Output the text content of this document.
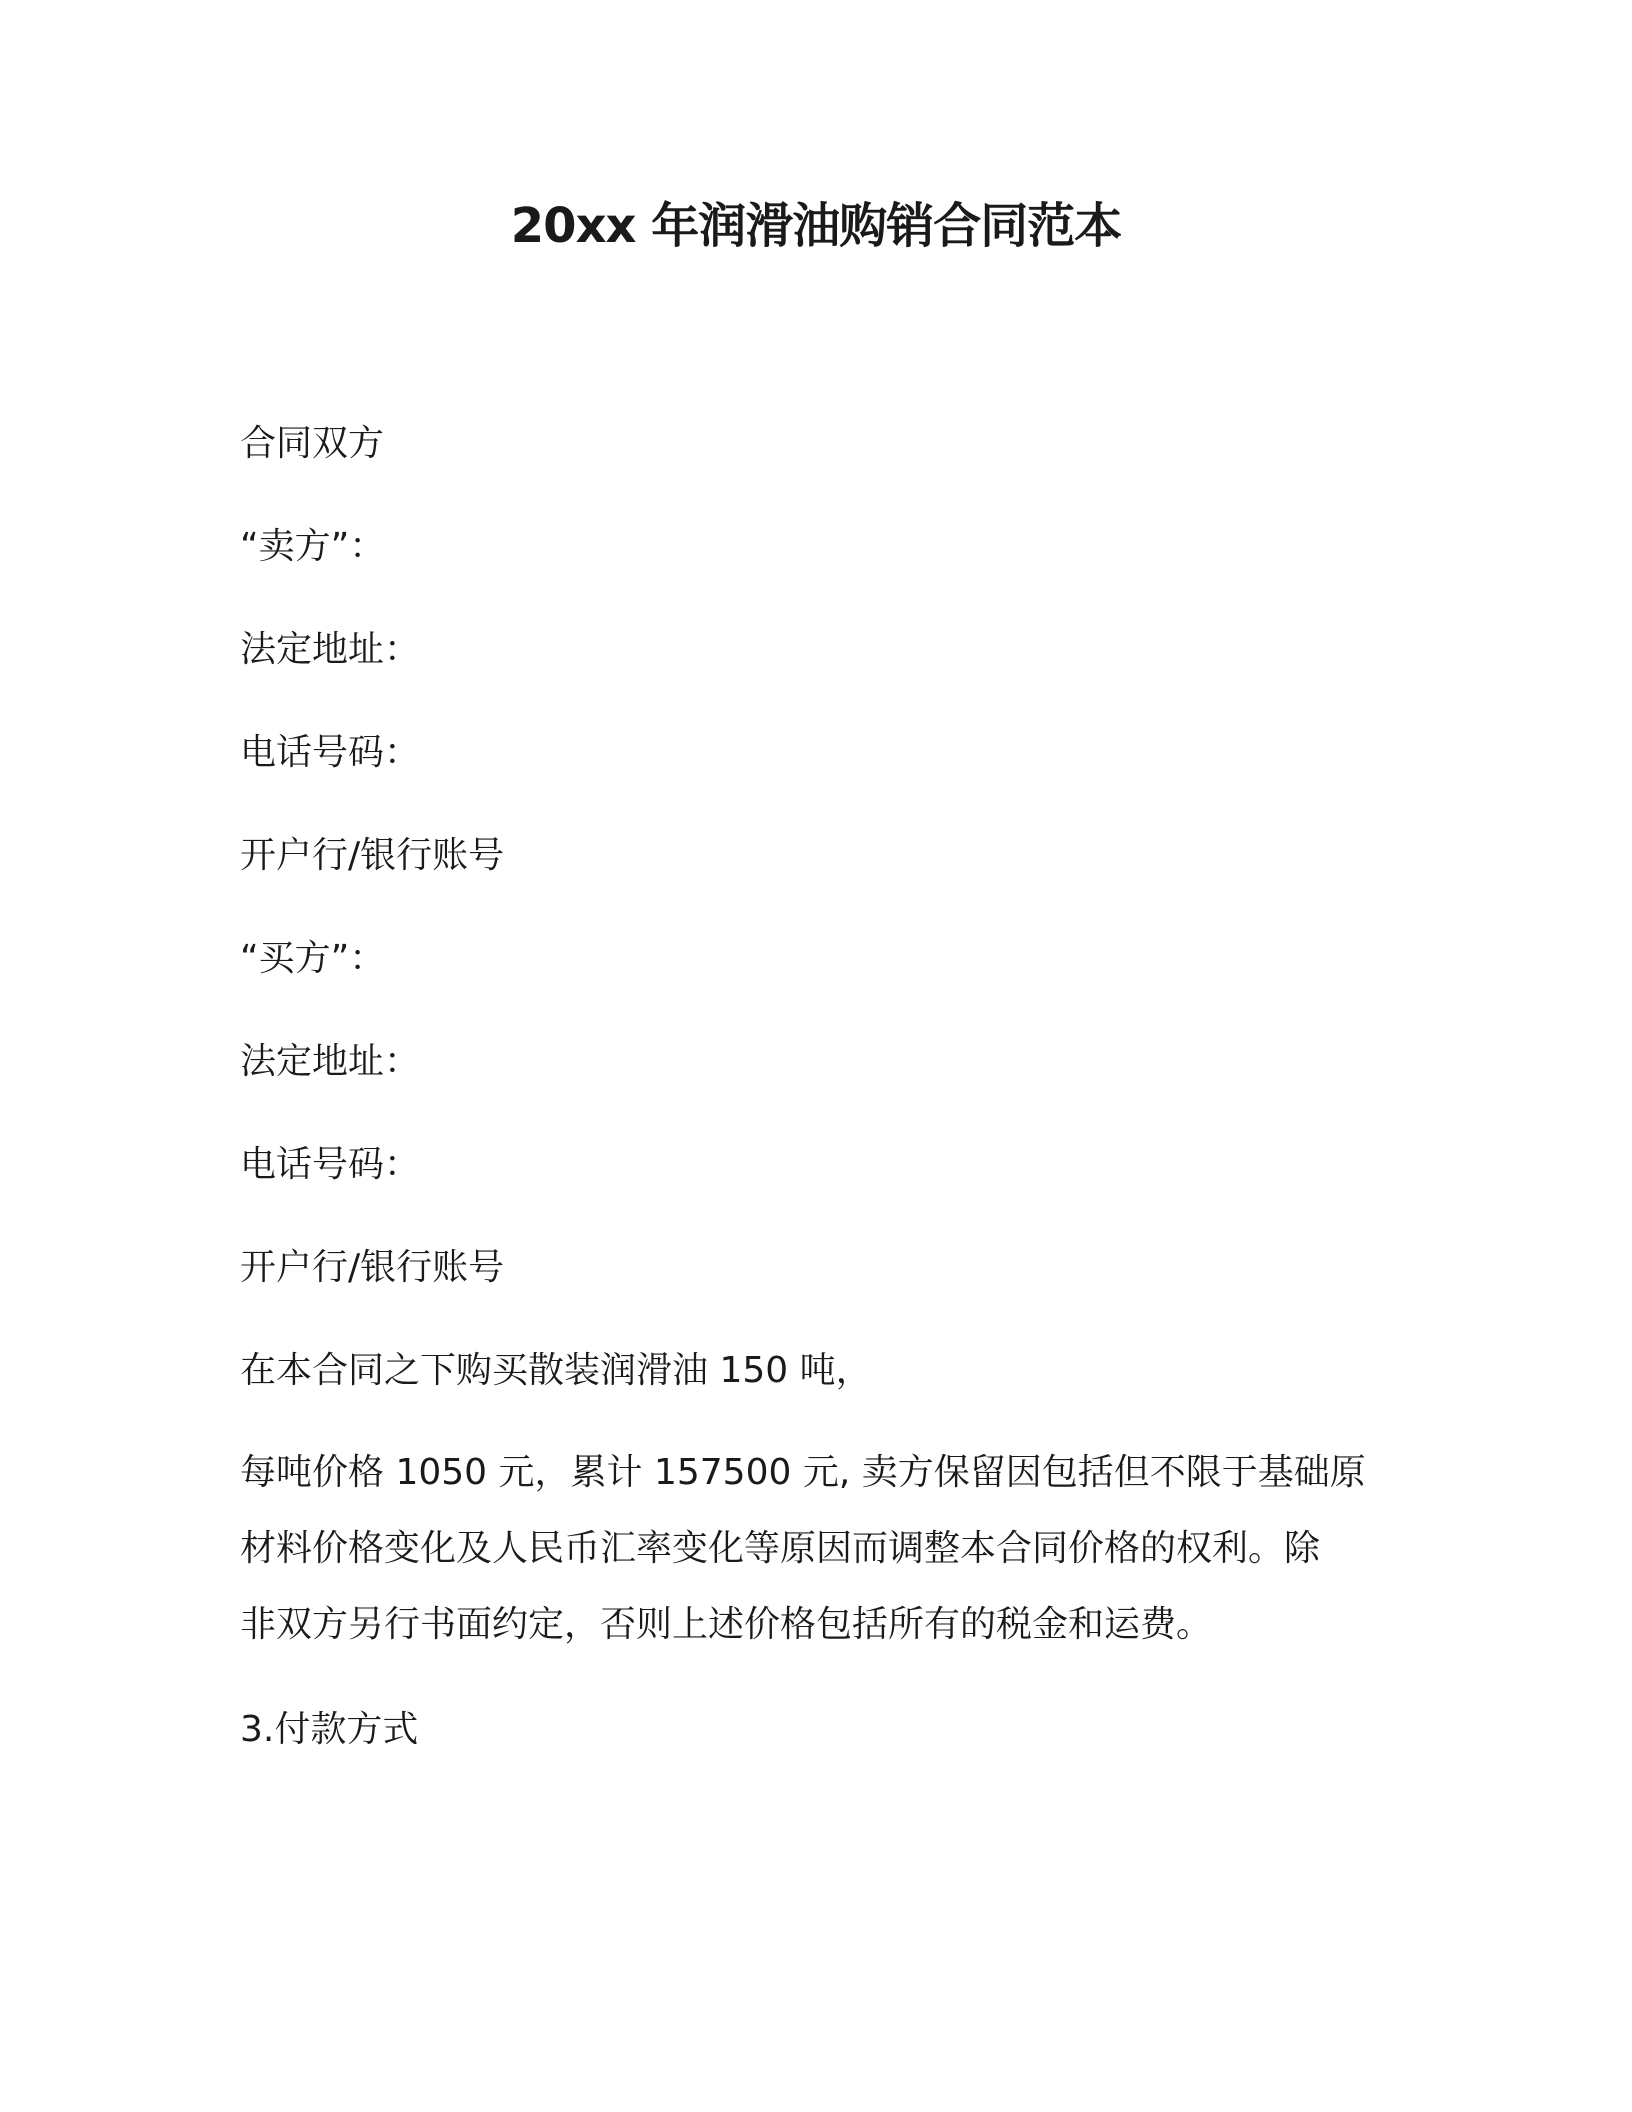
20xx 年润滑油购销合同范本
合同双方
“卖方”：
法定地址：
电话号码：
开户行/银行账号
“买方”：
法定地址：
电话号码：
开户行/银行账号
在本合同之下购买散装润滑油 150 吨，
每吨价格 1050 元，累计 157500 元, 卖方保留因包括但不限于基础原
材料价格变化及人民币汇率变化等原因而调整本合同价格的权利。除
非双方另行书面约定，否则上述价格包括所有的税金和运费。
3.付款方式
